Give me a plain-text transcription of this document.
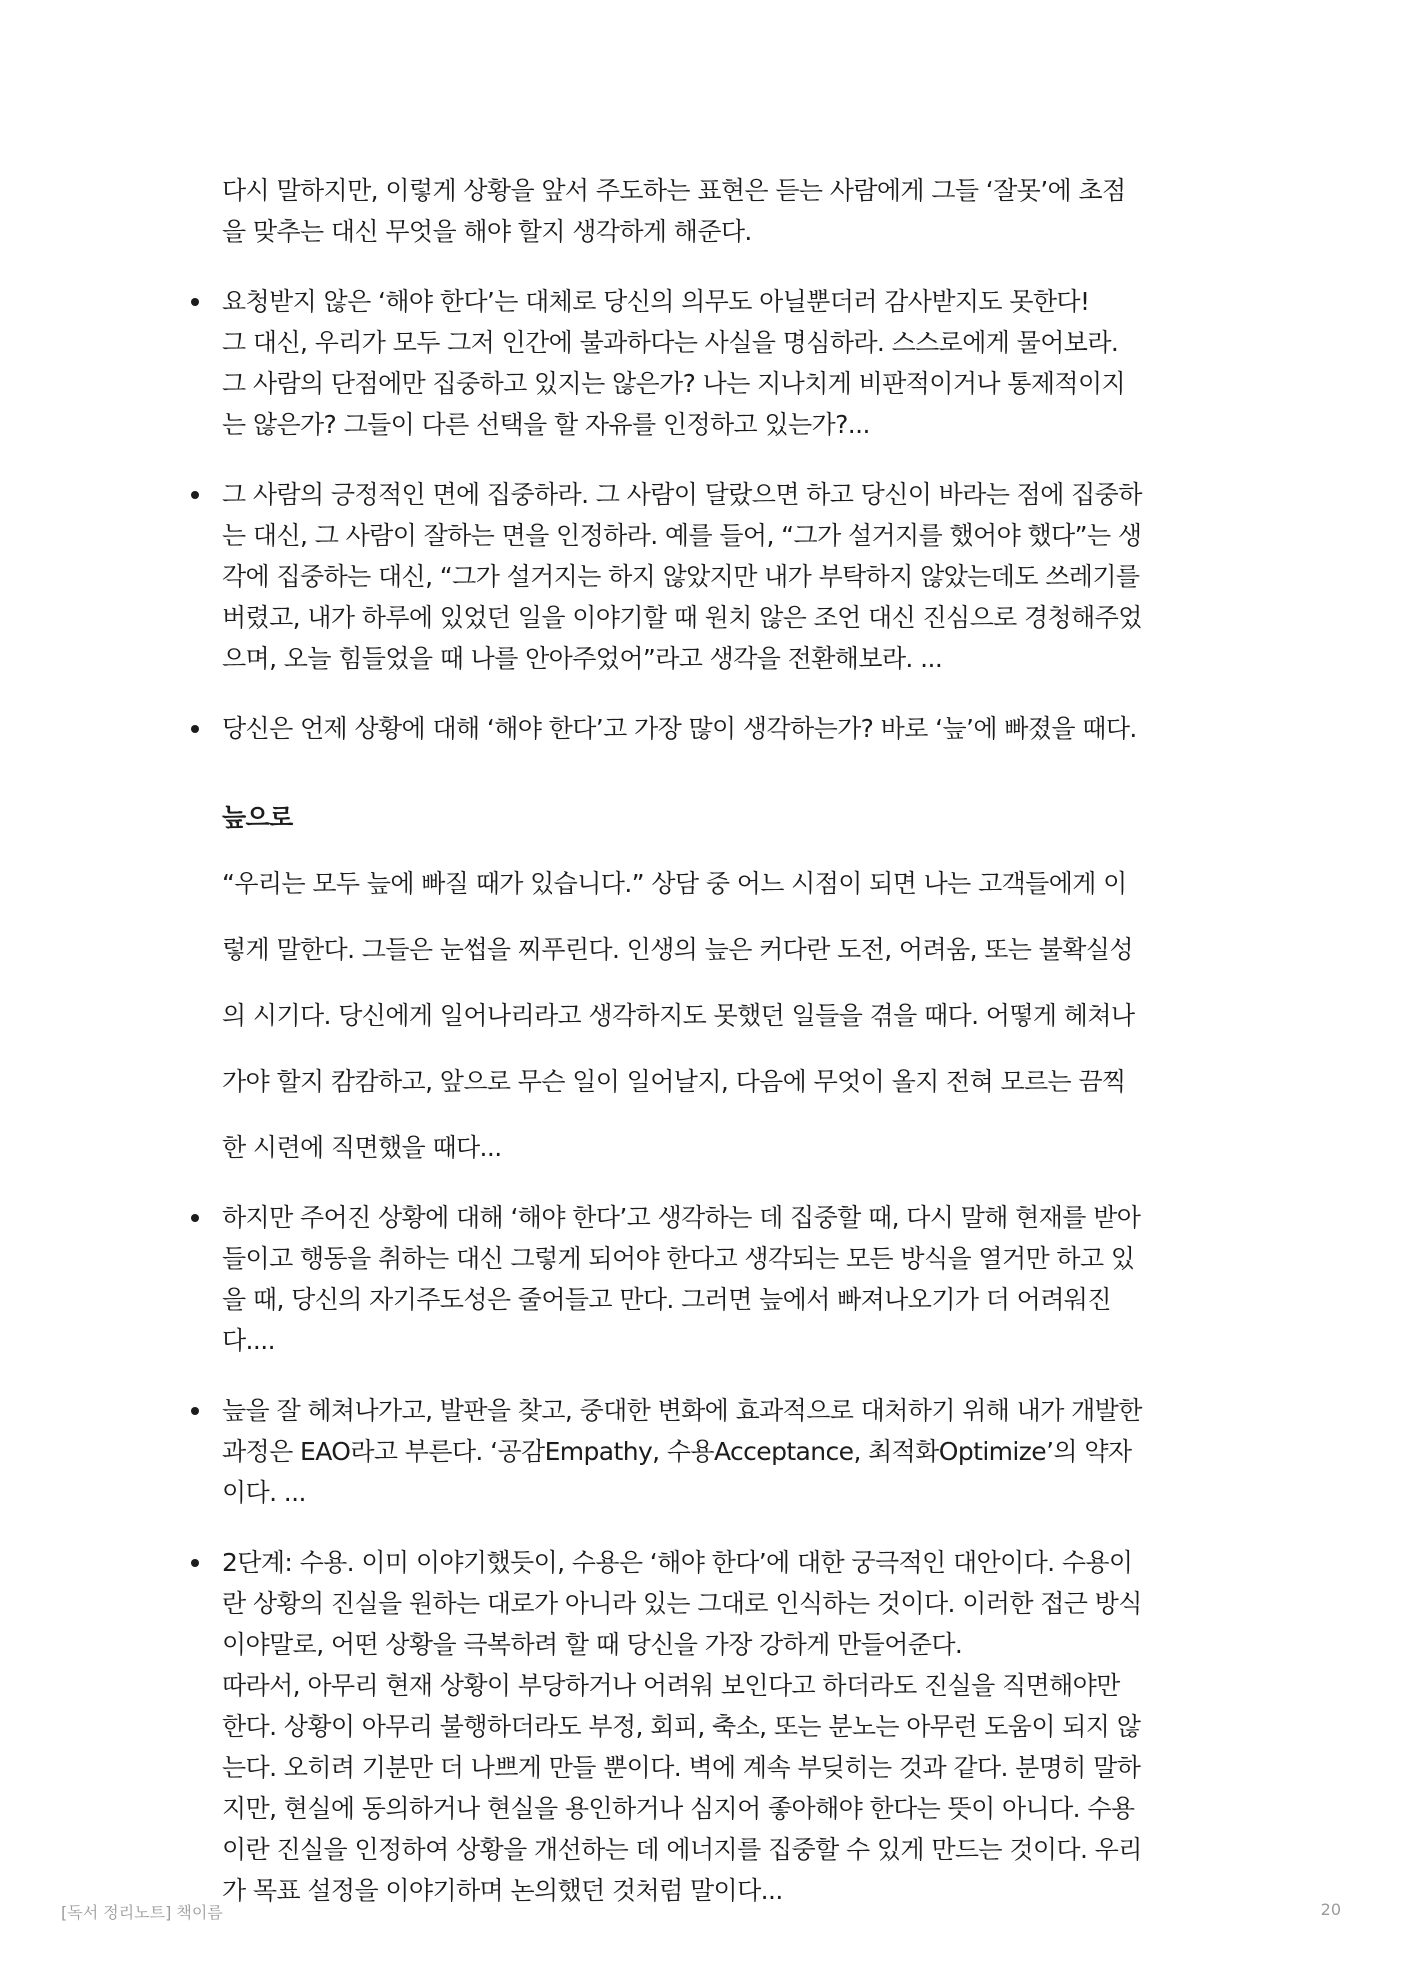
다시 말하지만, 이렇게 상황을 앞서 주도하는 표현은 듣는 사람에게 그들 ‘잘못’에 초점

을 맞추는 대신 무엇을 해야 할지 생각하게 해준다.

요청받지 않은 ‘해야 한다’는 대체로 당신의 의무도 아닐뿐더러 감사받지도 못한다!

그 대신, 우리가 모두 그저 인간에 불과하다는 사실을 명심하라. 스스로에게 물어보라.

그 사람의 단점에만 집중하고 있지는 않은가? 나는 지나치게 비판적이거나 통제적이지

는 않은가? 그들이 다른 선택을 할 자유를 인정하고 있는가?...

그 사람의 긍정적인 면에 집중하라. 그 사람이 달랐으면 하고 당신이 바라는 점에 집중하

는 대신, 그 사람이 잘하는 면을 인정하라. 예를 들어, “그가 설거지를 했어야 했다”는 생

각에 집중하는 대신, “그가 설거지는 하지 않았지만 내가 부탁하지 않았는데도 쓰레기를

버렸고, 내가 하루에 있었던 일을 이야기할 때 원치 않은 조언 대신 진심으로 경청해주었

으며, 오늘 힘들었을 때 나를 안아주었어”라고 생각을 전환해보라. ...

당신은 언제 상황에 대해 ‘해야 한다’고 가장 많이 생각하는가? 바로 ‘늪’에 빠졌을 때다.

늪으로

“우리는 모두 늪에 빠질 때가 있습니다.” 상담 중 어느 시점이 되면 나는 고객들에게 이

렇게 말한다. 그들은 눈썹을 찌푸린다. 인생의 늪은 커다란 도전, 어려움, 또는 불확실성

의 시기다. 당신에게 일어나리라고 생각하지도 못했던 일들을 겪을 때다. 어떻게 헤쳐나

가야 할지 캄캄하고, 앞으로 무슨 일이 일어날지, 다음에 무엇이 올지 전혀 모르는 끔찍

한 시련에 직면했을 때다...

하지만 주어진 상황에 대해 ‘해야 한다’고 생각하는 데 집중할 때, 다시 말해 현재를 받아

들이고 행동을 취하는 대신 그렇게 되어야 한다고 생각되는 모든 방식을 열거만 하고 있

을 때, 당신의 자기주도성은 줄어들고 만다. 그러면 늪에서 빠져나오기가 더 어려워진

다....

늪을 잘 헤쳐나가고, 발판을 찾고, 중대한 변화에 효과적으로 대처하기 위해 내가 개발한

과정은 EAO라고 부른다. ‘공감Empathy, 수용Acceptance, 최적화Optimize’의 약자

이다. ...

2단계: 수용. 이미 이야기했듯이, 수용은 ‘해야 한다’에 대한 궁극적인 대안이다. 수용이

란 상황의 진실을 원하는 대로가 아니라 있는 그대로 인식하는 것이다. 이러한 접근 방식

이야말로, 어떤 상황을 극복하려 할 때 당신을 가장 강하게 만들어준다.

따라서, 아무리 현재 상황이 부당하거나 어려워 보인다고 하더라도 진실을 직면해야만

한다. 상황이 아무리 불행하더라도 부정, 회피, 축소, 또는 분노는 아무런 도움이 되지 않

는다. 오히려 기분만 더 나쁘게 만들 뿐이다. 벽에 계속 부딪히는 것과 같다. 분명히 말하

지만, 현실에 동의하거나 현실을 용인하거나 심지어 좋아해야 한다는 뜻이 아니다. 수용

이란 진실을 인정하여 상황을 개선하는 데 에너지를 집중할 수 있게 만드는 것이다. 우리

가 목표 설정을 이야기하며 논의했던 것처럼 말이다...

[독서 정리노트] 책이름	20
